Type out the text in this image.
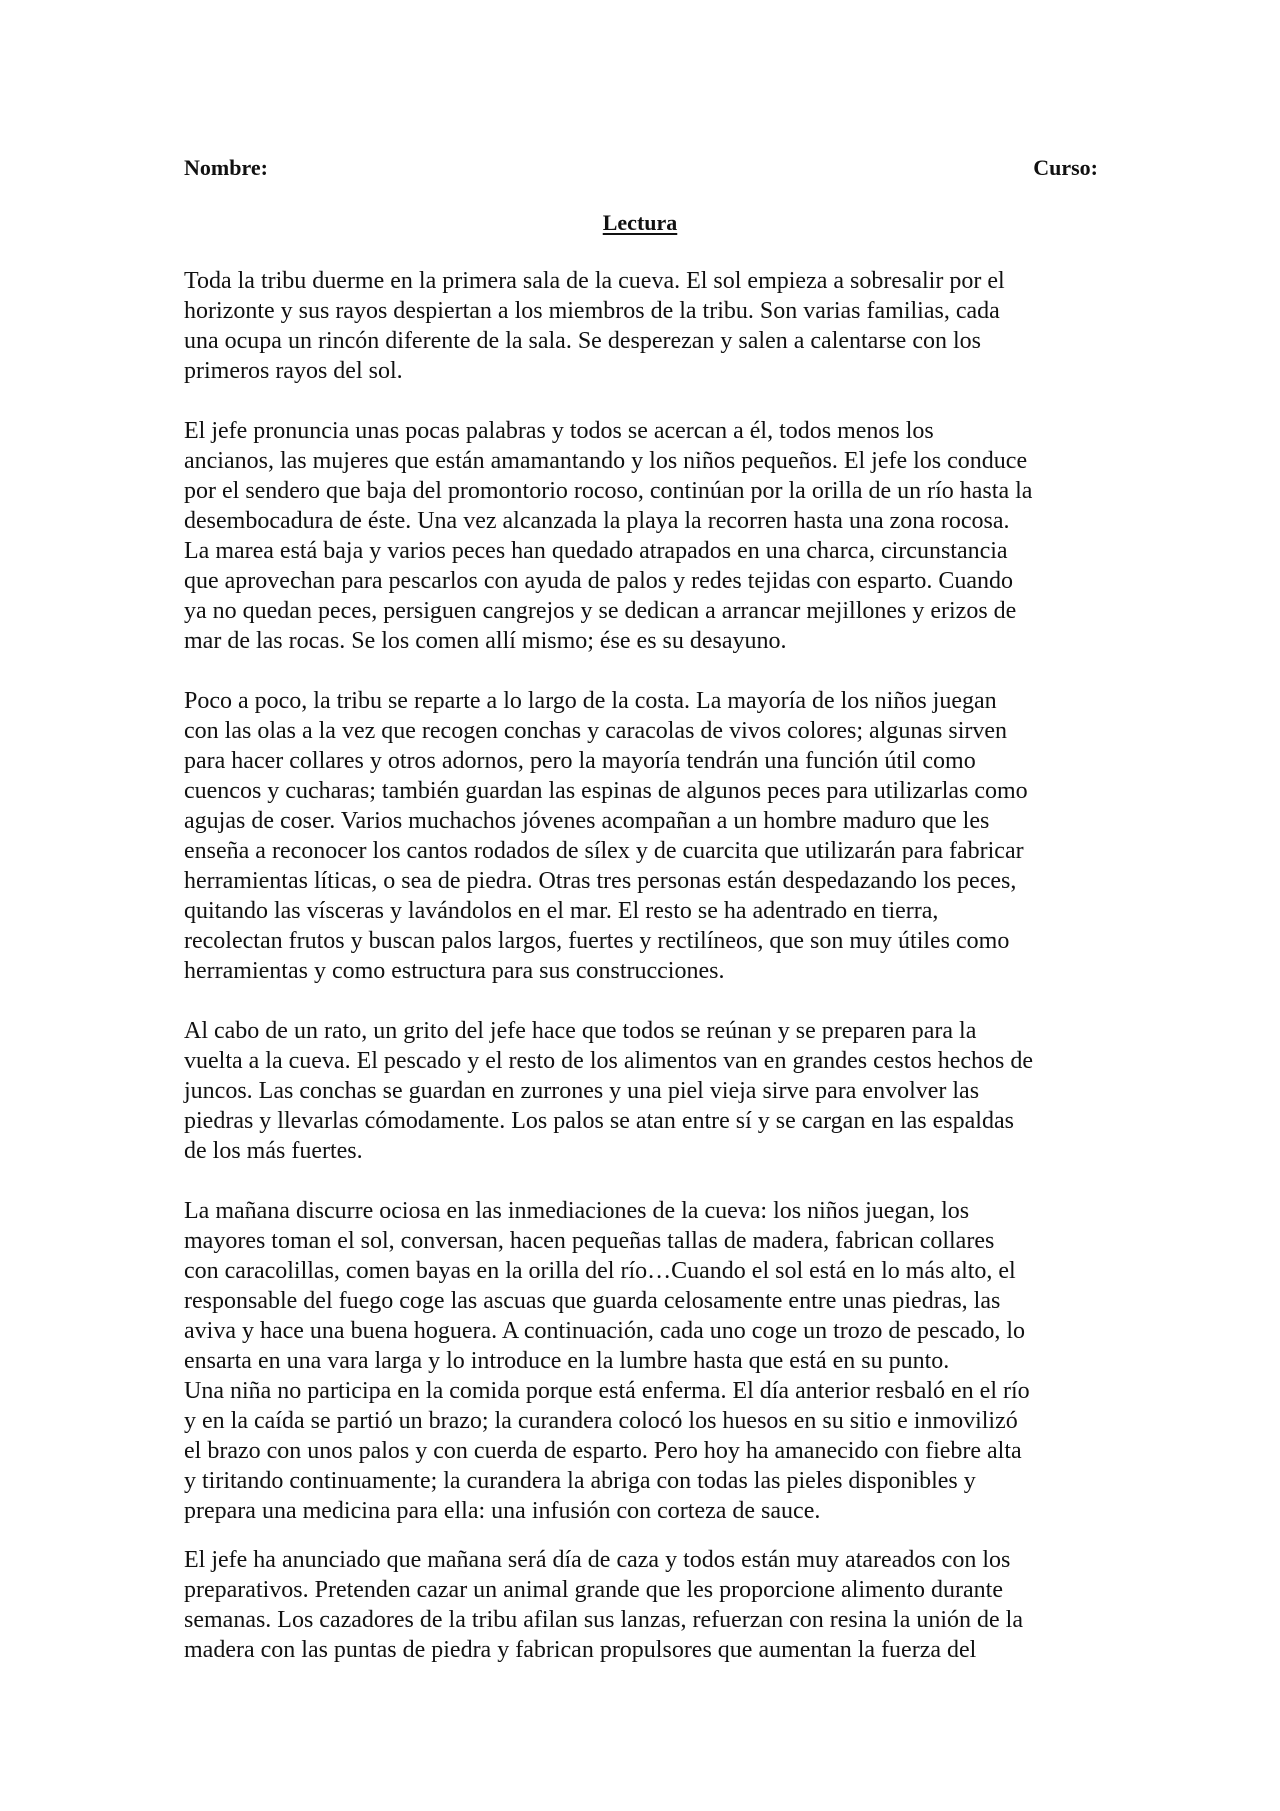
Nombre:	Curso:
Lectura
Toda la tribu duerme en la primera sala de la cueva. El sol empieza a sobresalir por el
horizonte y sus rayos despiertan a los miembros de la tribu. Son varias familias, cada
una ocupa un rincón diferente de la sala. Se desperezan y salen a calentarse con los
primeros rayos del sol.
El jefe pronuncia unas pocas palabras y todos se acercan a él, todos menos los
ancianos, las mujeres que están amamantando y los niños pequeños. El jefe los conduce
por el sendero que baja del promontorio rocoso, continúan por la orilla de un río hasta la
desembocadura de éste. Una vez alcanzada la playa la recorren hasta una zona rocosa.
La marea está baja y varios peces han quedado atrapados en una charca, circunstancia
que aprovechan para pescarlos con ayuda de palos y redes tejidas con esparto. Cuando
ya no quedan peces, persiguen cangrejos y se dedican a arrancar mejillones y erizos de
mar de las rocas. Se los comen allí mismo; ése es su desayuno.
Poco a poco, la tribu se reparte a lo largo de la costa. La mayoría de los niños juegan
con las olas a la vez que recogen conchas y caracolas de vivos colores; algunas sirven
para hacer collares y otros adornos, pero la mayoría tendrán una función útil como
cuencos y cucharas; también guardan las espinas de algunos peces para utilizarlas como
agujas de coser. Varios muchachos jóvenes acompañan a un hombre maduro que les
enseña a reconocer los cantos rodados de sílex y de cuarcita que utilizarán para fabricar
herramientas líticas, o sea de piedra. Otras tres personas están despedazando los peces,
quitando las vísceras y lavándolos en el mar. El resto se ha adentrado en tierra,
recolectan frutos y buscan palos largos, fuertes y rectilíneos, que son muy útiles como
herramientas y como estructura para sus construcciones.
Al cabo de un rato, un grito del jefe hace que todos se reúnan y se preparen para la
vuelta a la cueva. El pescado y el resto de los alimentos van en grandes cestos hechos de
juncos. Las conchas se guardan en zurrones y una piel vieja sirve para envolver las
piedras y llevarlas cómodamente. Los palos se atan entre sí y se cargan en las espaldas
de los más fuertes.
La mañana discurre ociosa en las inmediaciones de la cueva: los niños juegan, los
mayores toman el sol, conversan, hacen pequeñas tallas de madera, fabrican collares
con caracolillas, comen bayas en la orilla del río…Cuando el sol está en lo más alto, el
responsable del fuego coge las ascuas que guarda celosamente entre unas piedras, las
aviva y hace una buena hoguera. A continuación, cada uno coge un trozo de pescado, lo
ensarta en una vara larga y lo introduce en la lumbre hasta que está en su punto.
Una niña no participa en la comida porque está enferma. El día anterior resbaló en el río
y en la caída se partió un brazo; la curandera colocó los huesos en su sitio e inmovilizó
el brazo con unos palos y con cuerda de esparto. Pero hoy ha amanecido con fiebre alta
y tiritando continuamente; la curandera la abriga con todas las pieles disponibles y
prepara una medicina para ella: una infusión con corteza de sauce.
El jefe ha anunciado que mañana será día de caza y todos están muy atareados con los
preparativos. Pretenden cazar un animal grande que les proporcione alimento durante
semanas. Los cazadores de la tribu afilan sus lanzas, refuerzan con resina la unión de la
madera con las puntas de piedra y fabrican propulsores que aumentan la fuerza del
